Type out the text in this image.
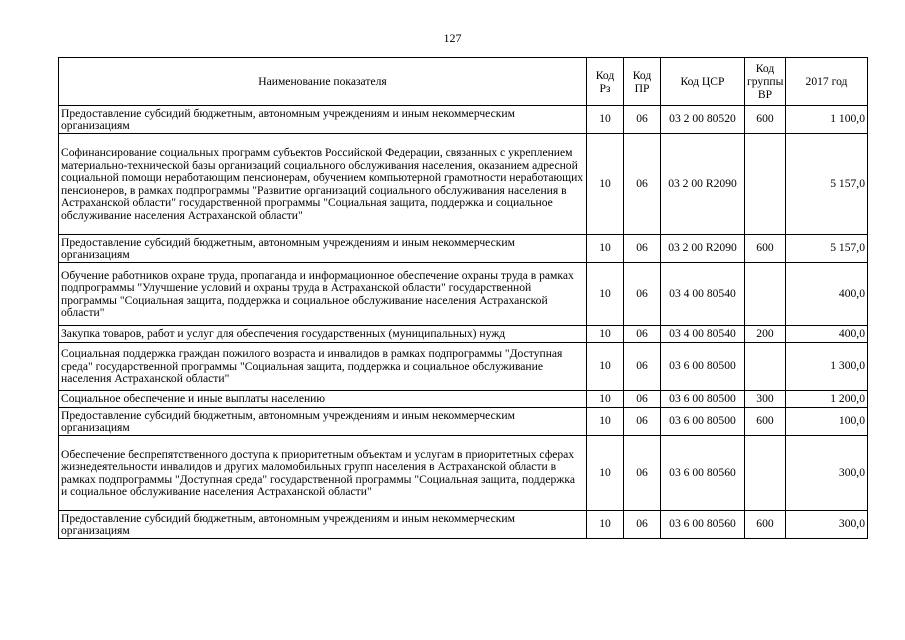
127
Наименование показателя	Код Рз	Код ПР	Код ЦСР	Код группы ВР	2017 год
Предоставление субсидий бюджетным, автономным учреждениям и иным некоммерческим организациям	10	06	03 2 00 80520	600	1 100,0
Софинансирование социальных программ субъектов Российской Федерации, связанных с укреплением материально-технической базы организаций социального обслуживания населения, оказанием адресной социальной помощи неработающим пенсионерам, обучением компьютерной грамотности неработающих пенсионеров, в рамках подпрограммы "Развитие организаций социального обслуживания населения в Астраханской области" государственной программы "Социальная защита, поддержка и социальное обслуживание населения Астраханской области"	10	06	03 2 00 R2090		5 157,0
Предоставление субсидий бюджетным, автономным учреждениям и иным некоммерческим организациям	10	06	03 2 00 R2090	600	5 157,0
Обучение работников охране труда, пропаганда и информационное обеспечение охраны труда в рамках подпрограммы "Улучшение условий и охраны труда в Астраханской области" государственной программы "Социальная защита, поддержка и социальное обслуживание населения Астраханской области"	10	06	03 4 00 80540		400,0
Закупка товаров, работ и услуг для обеспечения государственных (муниципальных) нужд	10	06	03 4 00 80540	200	400,0
Социальная поддержка граждан пожилого возраста и инвалидов в рамках подпрограммы "Доступная среда" государственной программы "Социальная защита, поддержка и социальное обслуживание населения Астраханской области"	10	06	03 6 00 80500		1 300,0
Социальное обеспечение и иные выплаты населению	10	06	03 6 00 80500	300	1 200,0
Предоставление субсидий бюджетным, автономным учреждениям и иным некоммерческим организациям	10	06	03 6 00 80500	600	100,0
Обеспечение беспрепятственного доступа к приоритетным объектам и услугам в приоритетных сферах жизнедеятельности инвалидов и других маломобильных групп населения в Астраханской области в рамках подпрограммы "Доступная среда" государственной программы "Социальная защита, поддержка и социальное обслуживание населения Астраханской области"	10	06	03 6 00 80560		300,0
Предоставление субсидий бюджетным, автономным учреждениям и иным некоммерческим организациям	10	06	03 6 00 80560	600	300,0
